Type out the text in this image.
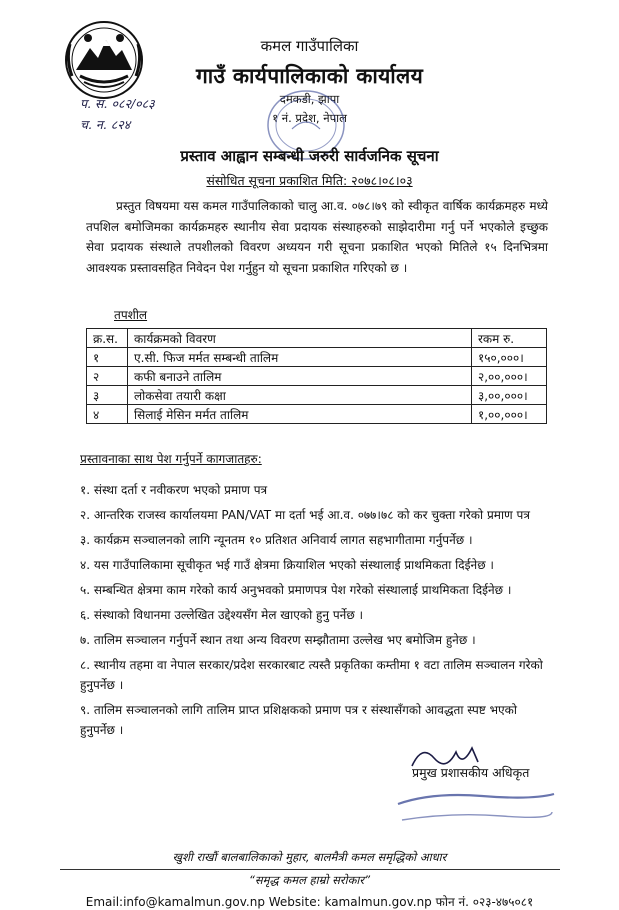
कमल गाउँपालिका
गाउँ कार्यपालिकाको कार्यालय
दमकडी, झापा
१ नं. प्रदेश, नेपाल
प. स. ०८२/०८३
च. न. ८२४
प्रस्ताव आह्वान सम्बन्धी जरुरी सार्वजनिक सूचना
संसोधित सूचना प्रकाशित मिति: २०७८।०८।०३
प्रस्तुत विषयमा यस कमल गाउँपालिकाको चालु आ.व. ०७८।७९ को स्वीकृत वार्षिक कार्यक्रमहरु मध्ये तपशिल बमोजिमका कार्यक्रमहरु स्थानीय सेवा प्रदायक संस्थाहरुको साझेदारीमा गर्नु पर्ने भएकोले इच्छुक सेवा प्रदायक संस्थाले तपशीलको विवरण अध्ययन गरी सूचना प्रकाशित भएको मितिले १५ दिनभित्रमा आवश्यक प्रस्तावसहित निवेदन पेश गर्नुहुन यो सूचना प्रकाशित गरिएको छ ।
तपशील
क्र.स.	कार्यक्रमको विवरण	रकम रु.
१	ए.सी. फिज मर्मत सम्बन्धी तालिम	१५०,०००।
२	कफी बनाउने तालिम	२,००,०००।
३	लोकसेवा तयारी कक्षा	३,००,०००।
४	सिलाई मेसिन मर्मत तालिम	१,००,०००।
प्रस्तावनाका साथ पेश गर्नुपर्ने कागजातहरु:
१. संस्था दर्ता र नवीकरण भएको प्रमाण पत्र
२. आन्तरिक राजस्व कार्यालयमा PAN/VAT मा दर्ता भई आ.व. ०७७।७८ को कर चुक्ता गरेको प्रमाण पत्र
३. कार्यक्रम सञ्चालनको लागि न्यूनतम १० प्रतिशत अनिवार्य लागत सहभागीतामा गर्नुपर्नेछ ।
४. यस गाउँपालिकामा सूचीकृत भई गाउँ क्षेत्रमा क्रियाशिल भएको संस्थालाई प्राथमिकता दिईनेछ ।
५. सम्बन्धित क्षेत्रमा काम गरेको कार्य अनुभवको प्रमाणपत्र पेश गरेको संस्थालाई प्राथमिकता दिईनेछ ।
६. संस्थाको विधानमा उल्लेखित उद्देश्यसँग मेल खाएको हुनु पर्नेछ ।
७. तालिम सञ्चालन गर्नुपर्ने स्थान तथा अन्य विवरण सम्झौतामा उल्लेख भए बमोजिम हुनेछ ।
८. स्थानीय तहमा वा नेपाल सरकार/प्रदेश सरकारबाट त्यस्तै प्रकृतिका कम्तीमा १ वटा तालिम सञ्चालन गरेको हुनुपर्नेछ ।
९. तालिम सञ्चालनको लागि तालिम प्राप्त प्रशिक्षकको प्रमाण पत्र र संस्थासँगको आवद्धता स्पष्ट भएको हुनुपर्नेछ ।
प्रमुख प्रशासकीय अधिकृत
खुशी राखौं बालबालिकाको मुहार, बालमैत्री कमल समृद्धिको आधार
“समृद्ध कमल हाम्रो सरोकार”
Email:info@kamalmun.gov.np Website: kamalmun.gov.np फोन नं. ०२३-४७५०८१
